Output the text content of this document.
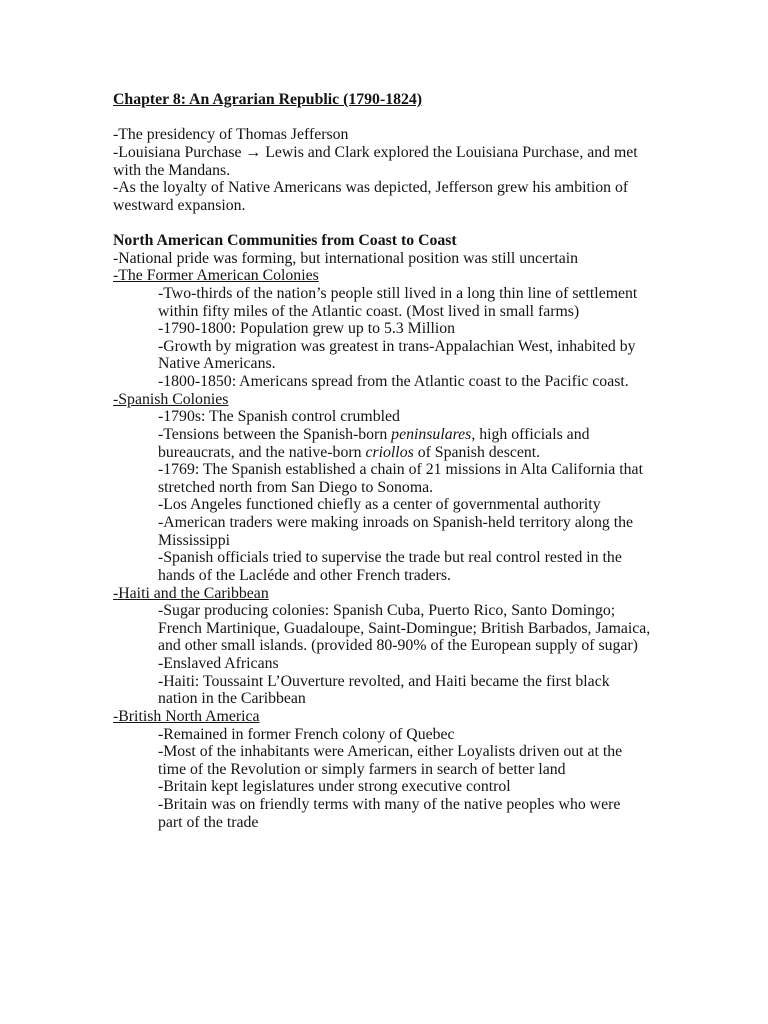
Chapter 8: An Agrarian Republic (1790-1824)
-The presidency of Thomas Jefferson
-Louisiana Purchase → Lewis and Clark explored the Louisiana Purchase, and met
with the Mandans.
-As the loyalty of Native Americans was depicted, Jefferson grew his ambition of
westward expansion.
North American Communities from Coast to Coast
-National pride was forming, but international position was still uncertain
-The Former American Colonies
-Two-thirds of the nation’s people still lived in a long thin line of settlement
within fifty miles of the Atlantic coast. (Most lived in small farms)
-1790-1800: Population grew up to 5.3 Million
-Growth by migration was greatest in trans-Appalachian West, inhabited by
Native Americans.
-1800-1850: Americans spread from the Atlantic coast to the Pacific coast.
-Spanish Colonies
-1790s: The Spanish control crumbled
-Tensions between the Spanish-born peninsulares, high officials and
bureaucrats, and the native-born criollos of Spanish descent.
-1769: The Spanish established a chain of 21 missions in Alta California that
stretched north from San Diego to Sonoma.
-Los Angeles functioned chiefly as a center of governmental authority
-American traders were making inroads on Spanish-held territory along the
Mississippi
-Spanish officials tried to supervise the trade but real control rested in the
hands of the Lacléde and other French traders.
-Haiti and the Caribbean
-Sugar producing colonies: Spanish Cuba, Puerto Rico, Santo Domingo;
French Martinique, Guadaloupe, Saint-Domingue; British Barbados, Jamaica,
and other small islands. (provided 80-90% of the European supply of sugar)
-Enslaved Africans
-Haiti: Toussaint L’Ouverture revolted, and Haiti became the first black
nation in the Caribbean
-British North America
-Remained in former French colony of Quebec
-Most of the inhabitants were American, either Loyalists driven out at the
time of the Revolution or simply farmers in search of better land
-Britain kept legislatures under strong executive control
-Britain was on friendly terms with many of the native peoples who were
part of the trade
